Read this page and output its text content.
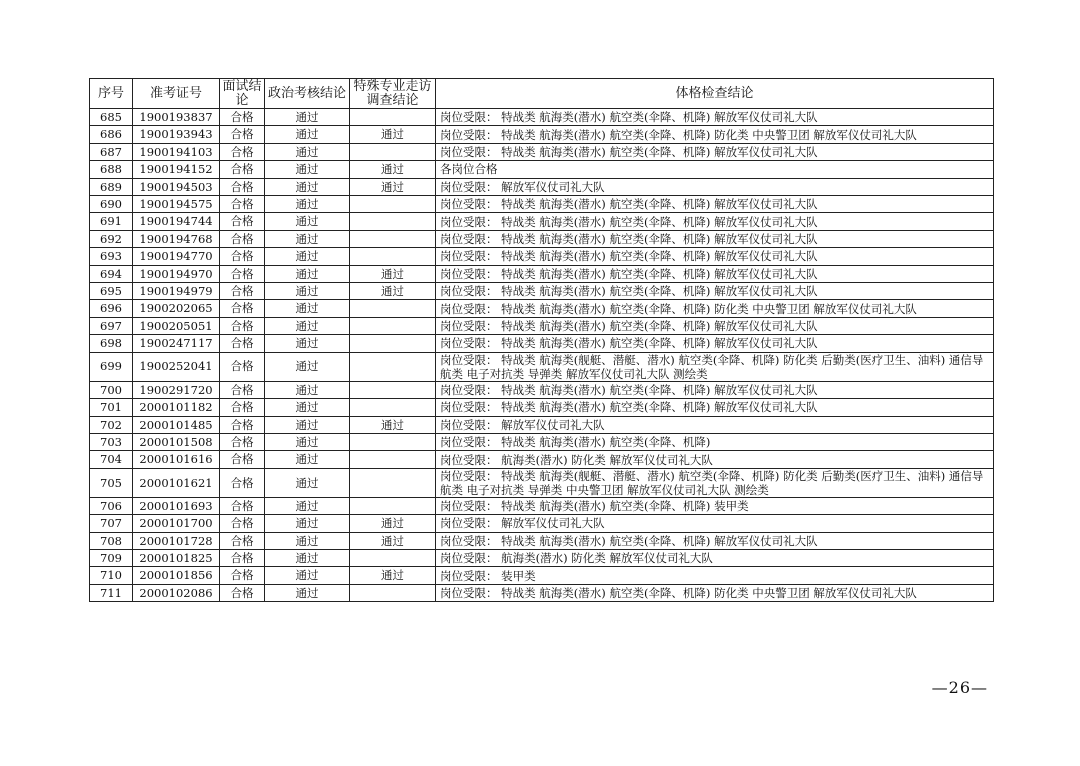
序号	准考证号	面试结论	政治考核结论	特殊专业走访调查结论	体格检查结论
685	1900193837	合格	通过		岗位受限： 特战类 航海类(潜水) 航空类(伞降、机降) 解放军仪仗司礼大队
686	1900193943	合格	通过	通过	岗位受限： 特战类 航海类(潜水) 航空类(伞降、机降) 防化类 中央警卫团 解放军仪仗司礼大队
687	1900194103	合格	通过		岗位受限： 特战类 航海类(潜水) 航空类(伞降、机降) 解放军仪仗司礼大队
688	1900194152	合格	通过	通过	各岗位合格
689	1900194503	合格	通过	通过	岗位受限： 解放军仪仗司礼大队
690	1900194575	合格	通过		岗位受限： 特战类 航海类(潜水) 航空类(伞降、机降) 解放军仪仗司礼大队
691	1900194744	合格	通过		岗位受限： 特战类 航海类(潜水) 航空类(伞降、机降) 解放军仪仗司礼大队
692	1900194768	合格	通过		岗位受限： 特战类 航海类(潜水) 航空类(伞降、机降) 解放军仪仗司礼大队
693	1900194770	合格	通过		岗位受限： 特战类 航海类(潜水) 航空类(伞降、机降) 解放军仪仗司礼大队
694	1900194970	合格	通过	通过	岗位受限： 特战类 航海类(潜水) 航空类(伞降、机降) 解放军仪仗司礼大队
695	1900194979	合格	通过	通过	岗位受限： 特战类 航海类(潜水) 航空类(伞降、机降) 解放军仪仗司礼大队
696	1900202065	合格	通过		岗位受限： 特战类 航海类(潜水) 航空类(伞降、机降) 防化类 中央警卫团 解放军仪仗司礼大队
697	1900205051	合格	通过		岗位受限： 特战类 航海类(潜水) 航空类(伞降、机降) 解放军仪仗司礼大队
698	1900247117	合格	通过		岗位受限： 特战类 航海类(潜水) 航空类(伞降、机降) 解放军仪仗司礼大队
699	1900252041	合格	通过		岗位受限： 特战类 航海类(舰艇、潜艇、潜水) 航空类(伞降、机降) 防化类 后勤类(医疗卫生、油料) 通信导航类 电子对抗类 导弹类 解放军仪仗司礼大队 测绘类
700	1900291720	合格	通过		岗位受限： 特战类 航海类(潜水) 航空类(伞降、机降) 解放军仪仗司礼大队
701	2000101182	合格	通过		岗位受限： 特战类 航海类(潜水) 航空类(伞降、机降) 解放军仪仗司礼大队
702	2000101485	合格	通过	通过	岗位受限： 解放军仪仗司礼大队
703	2000101508	合格	通过		岗位受限： 特战类 航海类(潜水) 航空类(伞降、机降)
704	2000101616	合格	通过		岗位受限： 航海类(潜水) 防化类 解放军仪仗司礼大队
705	2000101621	合格	通过		岗位受限： 特战类 航海类(舰艇、潜艇、潜水) 航空类(伞降、机降) 防化类 后勤类(医疗卫生、油料) 通信导航类 电子对抗类 导弹类 中央警卫团 解放军仪仗司礼大队 测绘类
706	2000101693	合格	通过		岗位受限： 特战类 航海类(潜水) 航空类(伞降、机降) 装甲类
707	2000101700	合格	通过	通过	岗位受限： 解放军仪仗司礼大队
708	2000101728	合格	通过	通过	岗位受限： 特战类 航海类(潜水) 航空类(伞降、机降) 解放军仪仗司礼大队
709	2000101825	合格	通过		岗位受限： 航海类(潜水) 防化类 解放军仪仗司礼大队
710	2000101856	合格	通过	通过	岗位受限： 装甲类
711	2000102086	合格	通过		岗位受限： 特战类 航海类(潜水) 航空类(伞降、机降) 防化类 中央警卫团 解放军仪仗司礼大队
—26—
